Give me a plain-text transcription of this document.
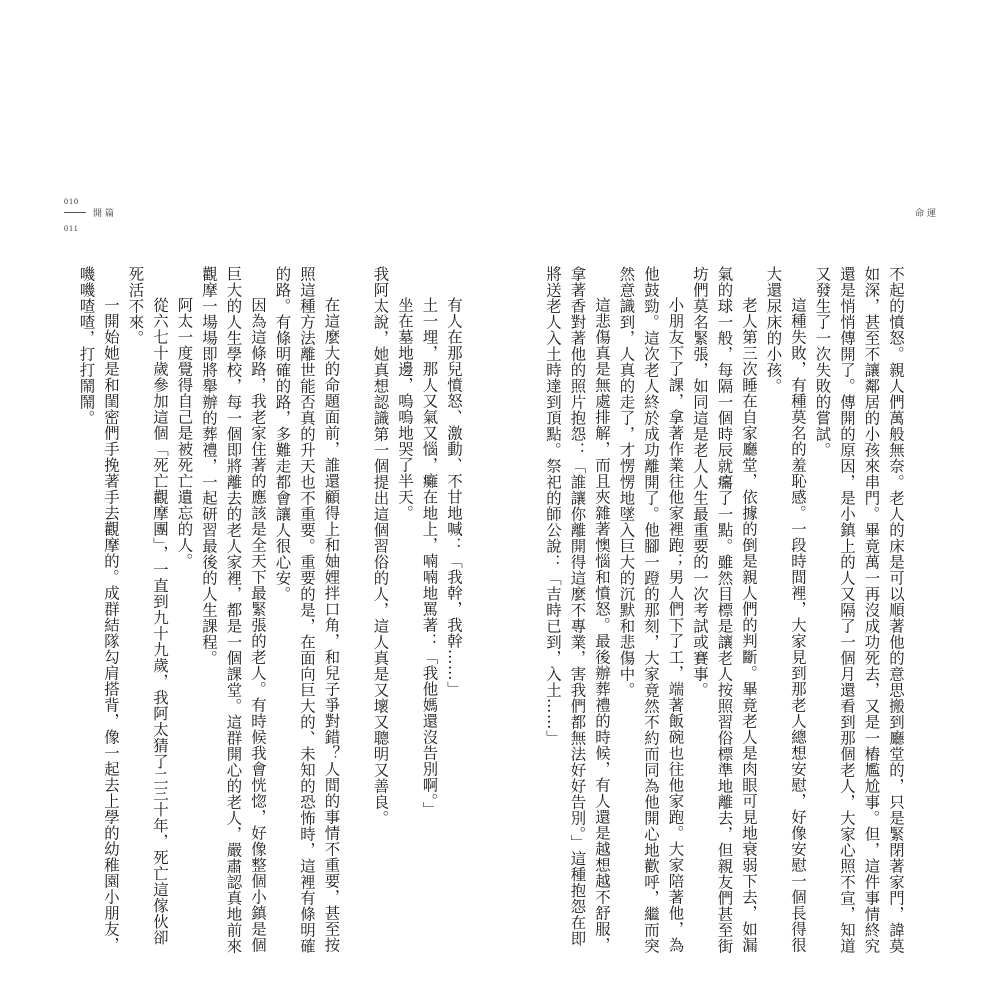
010
011
開篇	命運

不起的憤怒。親人們萬般無奈。老人的床是可以順著他的意思搬到廳堂的，只是緊閉著家門，諱莫如深，甚至不讓鄰居的小孩來串門。畢竟萬一再沒成功死去，又是一樁尷尬事。但，這件事情終究還是悄悄傳開了。傳開的原因，是小鎮上的人又隔了一個月還看到那個老人，大家心照不宣，知道又發生了一次失敗的嘗試。

這種失敗，有種莫名的羞恥感。一段時間裡，大家見到那老人總想安慰，好像安慰一個長得很大還尿床的小孩。

老人第三次睡在自家廳堂，依據的倒是親人們的判斷。畢竟老人是肉眼可見地衰弱下去，如漏氣的球一般，每隔一個時辰就癟了一點。雖然目標是讓老人按照習俗標準地離去，但親友們甚至街坊們莫名緊張，如同這是老人人生最重要的一次考試或賽事。

小朋友下了課，拿著作業往他家裡跑；男人們下了工，端著飯碗也往他家跑。大家陪著他，為他鼓勁。這次老人終於成功離開了。他腳一蹬的那刻，大家竟然不約而同為他開心地歡呼，繼而突然意識到，人真的走了，才愣愣地墜入巨大的沉默和悲傷中。

這悲傷真是無處排解，而且夾雜著懊惱和憤怒。最後辦葬禮的時候，有人還是越想越不舒服，拿著香對著他的照片抱怨：「誰讓你離開得這麼不專業，害我們都無法好好告別。」這種抱怨在即將送老人入土時達到頂點。祭祀的師公說：「吉時已到，入土……」

有人在那兒憤怒、激動、不甘地喊：「我幹，我幹……」

土一埋，那人又氣又惱，癱在地上，喃喃地罵著：「我他媽還沒告別啊。」

坐在墓地邊，嗚嗚地哭了半天。

我阿太說，她真想認識第一個提出這個習俗的人，這人真是又壞又聰明又善良。

在這麼大的命題面前，誰還顧得上和妯娌拌口角，和兒子爭對錯？人間的事情不重要，甚至按照這種方法離世能否真的升天也不重要。重要的是，在面向巨大的、未知的恐怖時，這裡有條明確的路。有條明確的路，多難走都會讓人很心安。

因為這條路，我老家住著的應該是全天下最緊張的老人。有時候我會恍惚，好像整個小鎮是個巨大的人生學校，每一個即將離去的老人家裡，都是一個課堂。這群開心的老人，嚴肅認真地前來觀摩一場場即將舉辦的葬禮，一起研習最後的人生課程。

阿太一度覺得自己是被死亡遺忘的人。

從六七十歲參加這個「死亡觀摩團」，一直到九十九歲，我阿太猜了二三十年，死亡這傢伙卻死活不來。

一開始她是和閨密們手挽著手去觀摩的。成群結隊勾肩搭背，像一起去上學的幼稚園小朋友，嘰嘰喳喳，打打鬧鬧。
